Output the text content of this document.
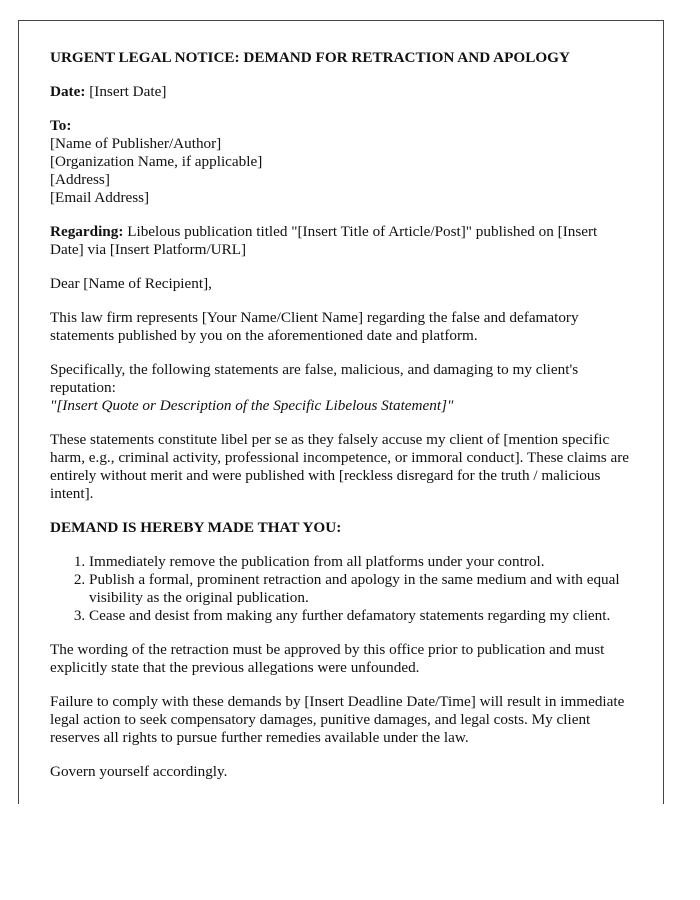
URGENT LEGAL NOTICE: DEMAND FOR RETRACTION AND APOLOGY

Date: [Insert Date]

To:
[Name of Publisher/Author]
[Organization Name, if applicable]
[Address]
[Email Address]

Regarding: Libelous publication titled "[Insert Title of Article/Post]" published on [Insert Date] via [Insert Platform/URL]

Dear [Name of Recipient],

This law firm represents [Your Name/Client Name] regarding the false and defamatory statements published by you on the aforementioned date and platform.

Specifically, the following statements are false, malicious, and damaging to my client's reputation:
"[Insert Quote or Description of the Specific Libelous Statement]"

These statements constitute libel per se as they falsely accuse my client of [mention specific harm, e.g., criminal activity, professional incompetence, or immoral conduct]. These claims are entirely without merit and were published with [reckless disregard for the truth / malicious intent].

DEMAND IS HEREBY MADE THAT YOU:
1. Immediately remove the publication from all platforms under your control.
2. Publish a formal, prominent retraction and apology in the same medium and with equal visibility as the original publication.
3. Cease and desist from making any further defamatory statements regarding my client.

The wording of the retraction must be approved by this office prior to publication and must explicitly state that the previous allegations were unfounded.

Failure to comply with these demands by [Insert Deadline Date/Time] will result in immediate legal action to seek compensatory damages, punitive damages, and legal costs. My client reserves all rights to pursue further remedies available under the law.

Govern yourself accordingly.
